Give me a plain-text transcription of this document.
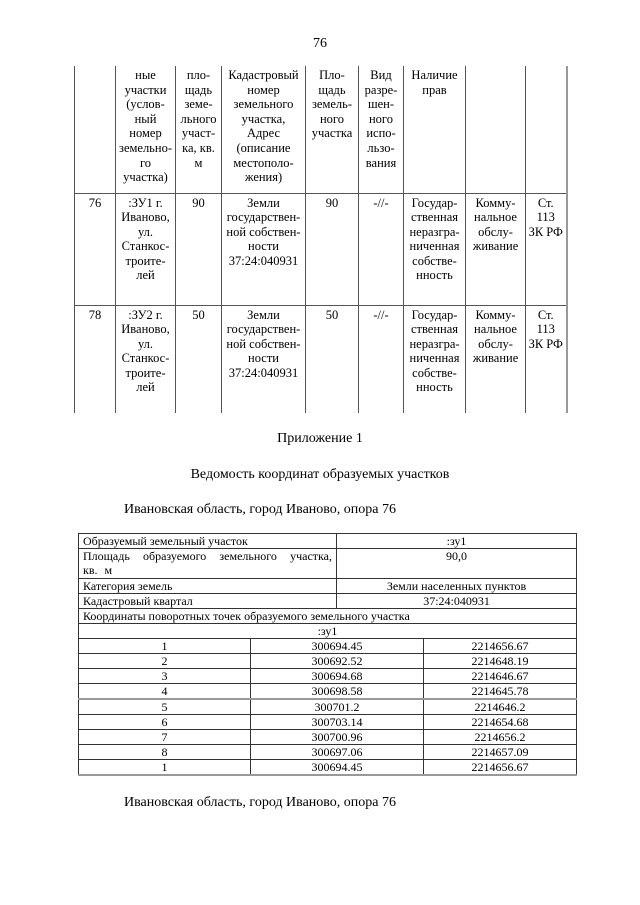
76
	ные участки (услов-ный номер земельно-го участка)	пло-щадь земе-льного участ-ка, кв. м	Кадастровый номер земельного участка, Адрес (описание местополо-жения)	Пло-щадь земель-ного участка	Вид разре-шен-ного испо-льзо-вания	Наличие прав		
76	:ЗУ1 г. Иваново, ул. Станкос-троите-лей	90	Земли государствен-ной собствен-ности 37:24:040931	90	-//-	Государ-ственная неразгра-ниченная собстве-нность	Комму-нальное обслу-живание	Ст. 113 ЗК РФ
78	:ЗУ2 г. Иваново, ул. Станкос-троите-лей	50	Земли государствен-ной собствен-ности 37:24:040931	50	-//-	Государ-ственная неразгра-ниченная собстве-нность	Комму-нальное обслу-живание	Ст. 113 ЗК РФ
Приложение 1
Ведомость координат образуемых участков
Ивановская область, город Иваново, опора 76
Образуемый земельный участок		:зу1	
Площадь образуемого земельного участка, кв. м		90,0	
Категория земель		Земли населенных пунктов	
Кадастровый квартал		37:24:040931	
Координаты поворотных точек образуемого земельного участка			
:зу1			
1	300694.45		2214656.67
2	300692.52		2214648.19
3	300694.68		2214646.67
4	300698.58		2214645.78
5	300701.2		2214646.2
6	300703.14		2214654.68
7	300700.96		2214656.2
8	300697.06		2214657.09
1	300694.45		2214656.67
Ивановская область, город Иваново, опора 76
